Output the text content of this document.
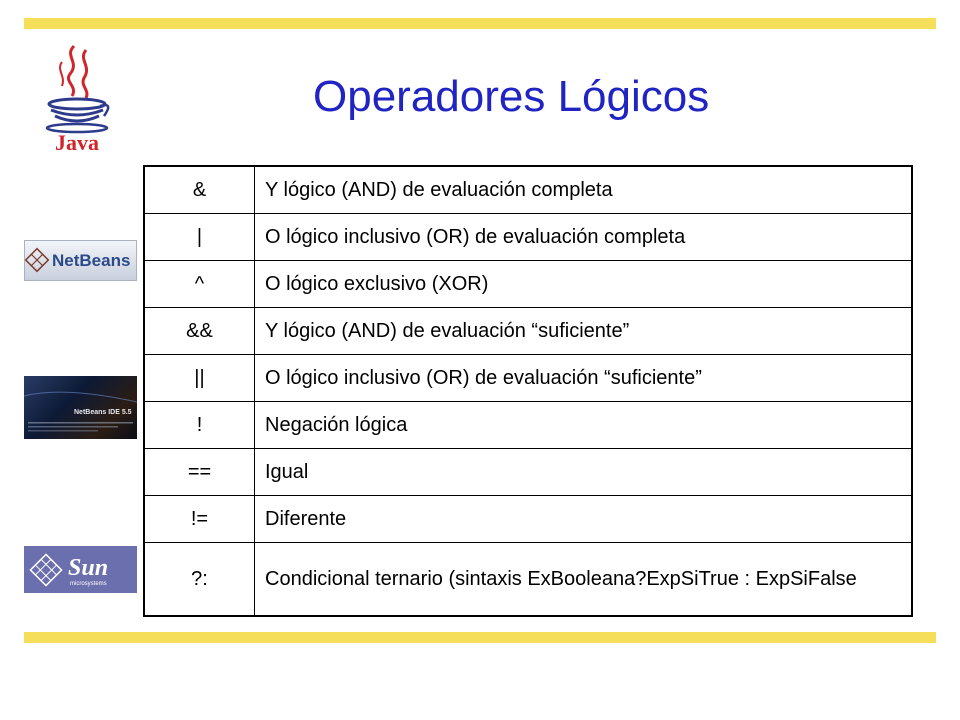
Operadores Lógicos
Java
NetBeans
NetBeans IDE 5.5
Sun
microsystems
&	Y lógico (AND) de evaluación completa
|	O lógico inclusivo (OR) de evaluación completa
^	O lógico exclusivo (XOR)
&&	Y lógico (AND) de evaluación “suficiente”
||	O lógico inclusivo (OR) de evaluación “suficiente”
!	Negación lógica
==	Igual
!=	Diferente
?:	Condicional ternario (sintaxis ExBooleana?ExpSiTrue : ExpSiFalse
